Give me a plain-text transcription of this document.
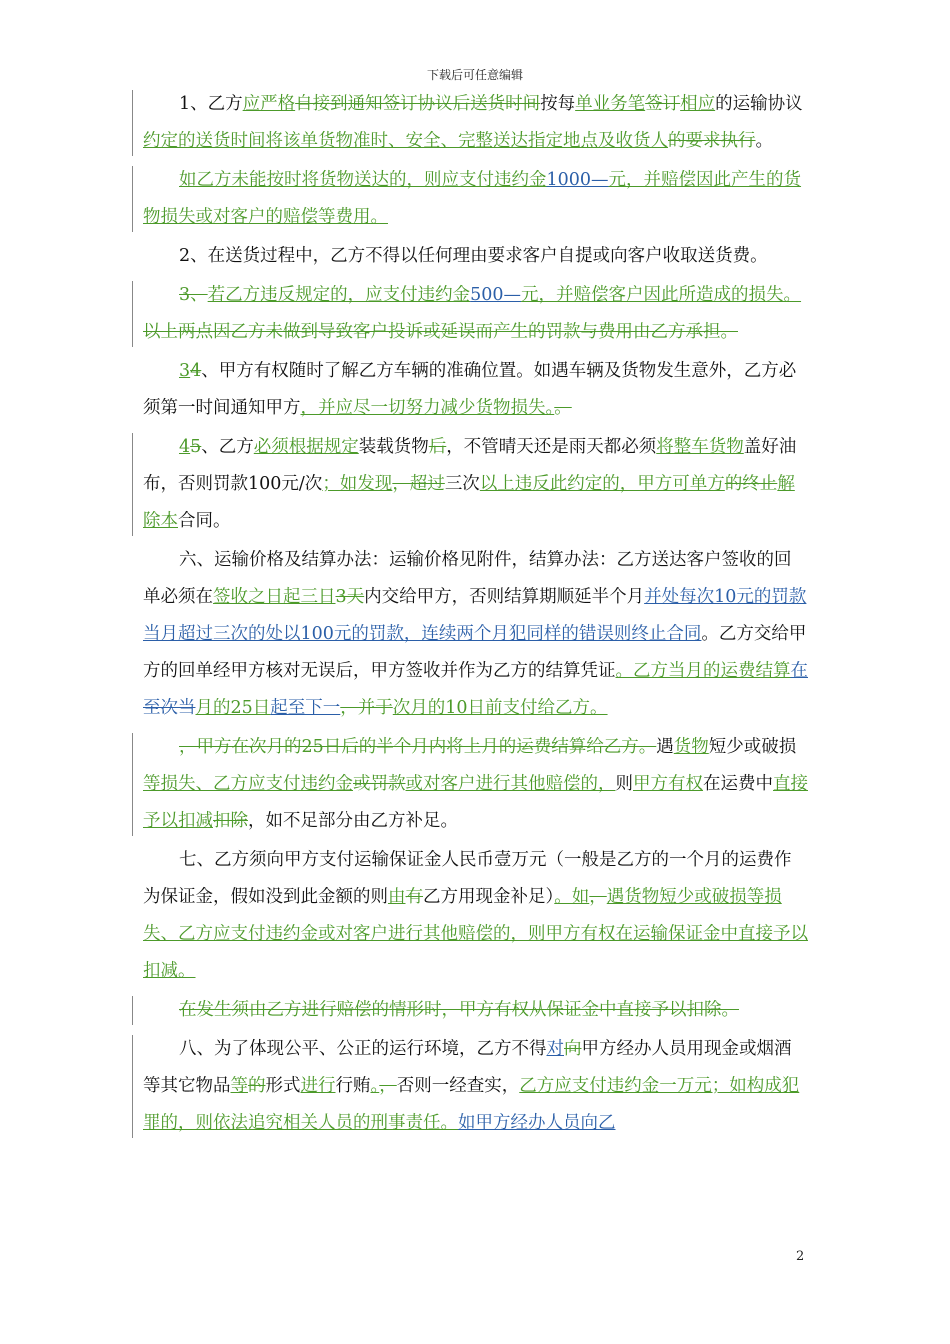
下载后可任意编辑

1、乙方应严格自接到通知签订协议后送货时间按每单业务笔签订相应的运输协议约定的送货时间将该单货物准时、安全、完整送达指定地点及收货人的要求执行。

如乙方未能按时将货物送达的，则应支付违约金1000—元，并赔偿因此产生的货物损失或对客户的赔偿等费用。

2、在送货过程中，乙方不得以任何理由要求客户自提或向客户收取送货费。

3、若乙方违反规定的，应支付违约金500—元，并赔偿客户因此所造成的损失。以上两点因乙方未做到导致客户投诉或延误而产生的罚款与费用由乙方承担。

34、甲方有权随时了解乙方车辆的准确位置。如遇车辆及货物发生意外，乙方必须第一时间通知甲方，并应尽一切努力减少货物损失。。

45、乙方必须根据规定装载货物后，不管晴天还是雨天都必须将整车货物盖好油布，否则罚款100元/次；如发现，超过三次以上违反此约定的，甲方可单方的终止解除本合同。

六、运输价格及结算办法：运输价格见附件，结算办法：乙方送达客户签收的回单必须在签收之日起三日3天内交给甲方，否则结算期顺延半个月并处每次10元的罚款当月超过三次的处以100元的罚款，连续两个月犯同样的错误则终止合同。乙方交给甲方的回单经甲方核对无误后，甲方签收并作为乙方的结算凭证。乙方当月的运费结算在至次当月的25日起至下一，并于次月的10日前支付给乙方。

，甲方在次月的25日后的半个月内将上月的运费结算给乙方。遇货物短少或破损等损失、乙方应支付违约金或罚款或对客户进行其他赔偿的，则甲方有权在运费中直接予以扣减扣除，如不足部分由乙方补足。

七、乙方须向甲方支付运输保证金人民币壹万元（一般是乙方的一个月的运费作为保证金，假如没到此金额的则由有乙方用现金补足）。如，遇货物短少或破损等损失、乙方应支付违约金或对客户进行其他赔偿的，则甲方有权在运输保证金中直接予以扣减。

在发生须由乙方进行赔偿的情形时，甲方有权从保证金中直接予以扣除。

八、为了体现公平、公正的运行环境，乙方不得对向甲方经办人员用现金或烟酒等其它物品等的形式进行行贿。，否则一经查实，乙方应支付违约金一万元；如构成犯罪的，则依法追究相关人员的刑事责任。如甲方经办人员向乙

2
